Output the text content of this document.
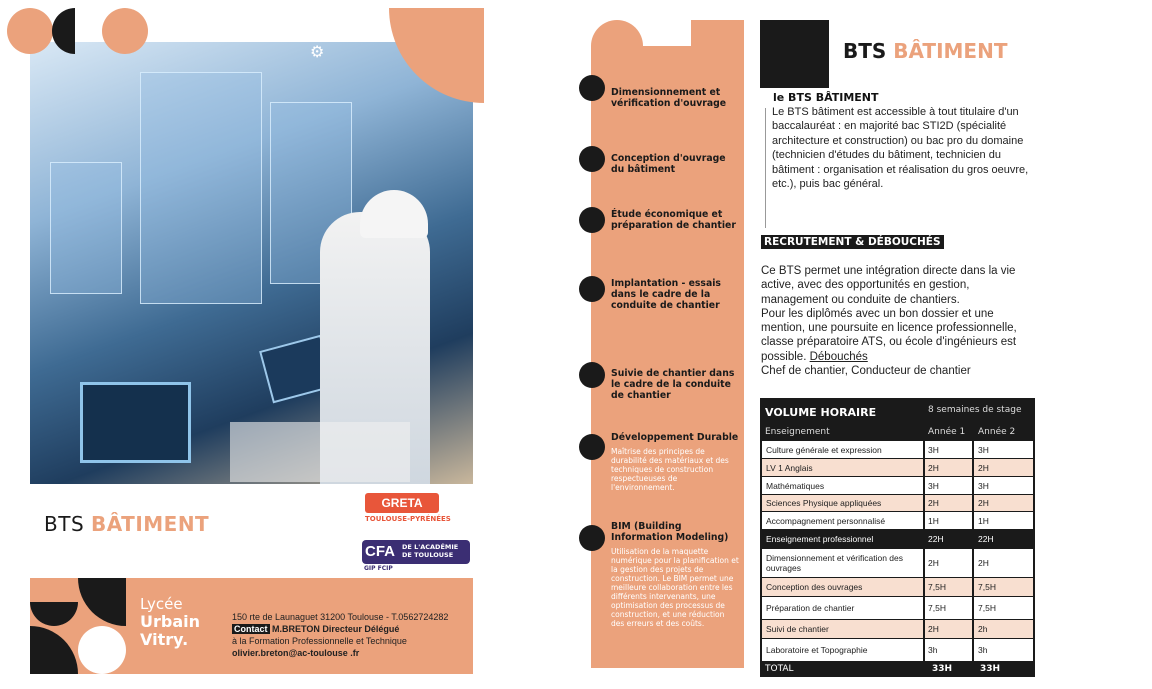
⚙
BTS BÂTIMENT
GRETA
TOULOUSE-PYRÉNÉES
CFA DE L'ACADÉMIE
DE TOULOUSE
GIP FCIP
Lycée
Urbain
Vitry.
150 rte de Launaguet 31200 Toulouse - T.0562724282
Contact M.BRETON Directeur Délégué
à la Formation Professionnelle et Technique
olivier.breton@ac-toulouse .fr
Dimensionnement et vérification d'ouvrage
Conception d'ouvrage du bâtiment
Étude économique et préparation de chantier
Implantation - essais dans le cadre de la conduite de chantier
Suivie de chantier dans le cadre de la conduite de chantier
Développement Durable
Maîtrise des principes de durabilité des matériaux et des techniques de construction respectueuses de l'environnement.
BIM (Building Information Modeling)
Utilisation de la maquette numérique pour la planification et la gestion des projets de construction. Le BIM permet une meilleure collaboration entre les différents intervenants, une optimisation des processus de construction, et une réduction des erreurs et des coûts.
BTS BÂTIMENT
le BTS BÂTIMENT
Le BTS bâtiment est accessible à tout titulaire d'un baccalauréat : en majorité bac STI2D (spécialité architecture et construction) ou bac pro du domaine (technicien d'études du bâtiment, technicien du bâtiment : organisation et réalisation du gros oeuvre, etc.), puis bac général.
RECRUTEMENT & DÉBOUCHÉS
Ce BTS permet une intégration directe dans la vie active, avec des opportunités en gestion, management ou conduite de chantiers.
Pour les diplômés avec un bon dossier et une mention, une poursuite en licence professionnelle, classe préparatoire ATS, ou école d'ingénieurs est possible. Débouchés
Chef de chantier, Conducteur de chantier
VOLUME HORAIRE	8 semaines de stage
Enseignement	Année 1 Année 2
Culture générale et expression	3H	3H
LV 1 Anglais	2H	2H
Mathématiques	3H	3H
Sciences Physique appliquées	2H	2H
Accompagnement personnalisé	1H	1H
Enseignement professionnel	22H	22H
Dimensionnement et vérification des ouvrages	2H	2H
Conception des ouvrages	7,5H	7,5H
Préparation de chantier	7,5H	7,5H
Suivi de chantier	2H	2h
Laboratoire et Topographie	3h	3h
TOTAL	33H	33H
